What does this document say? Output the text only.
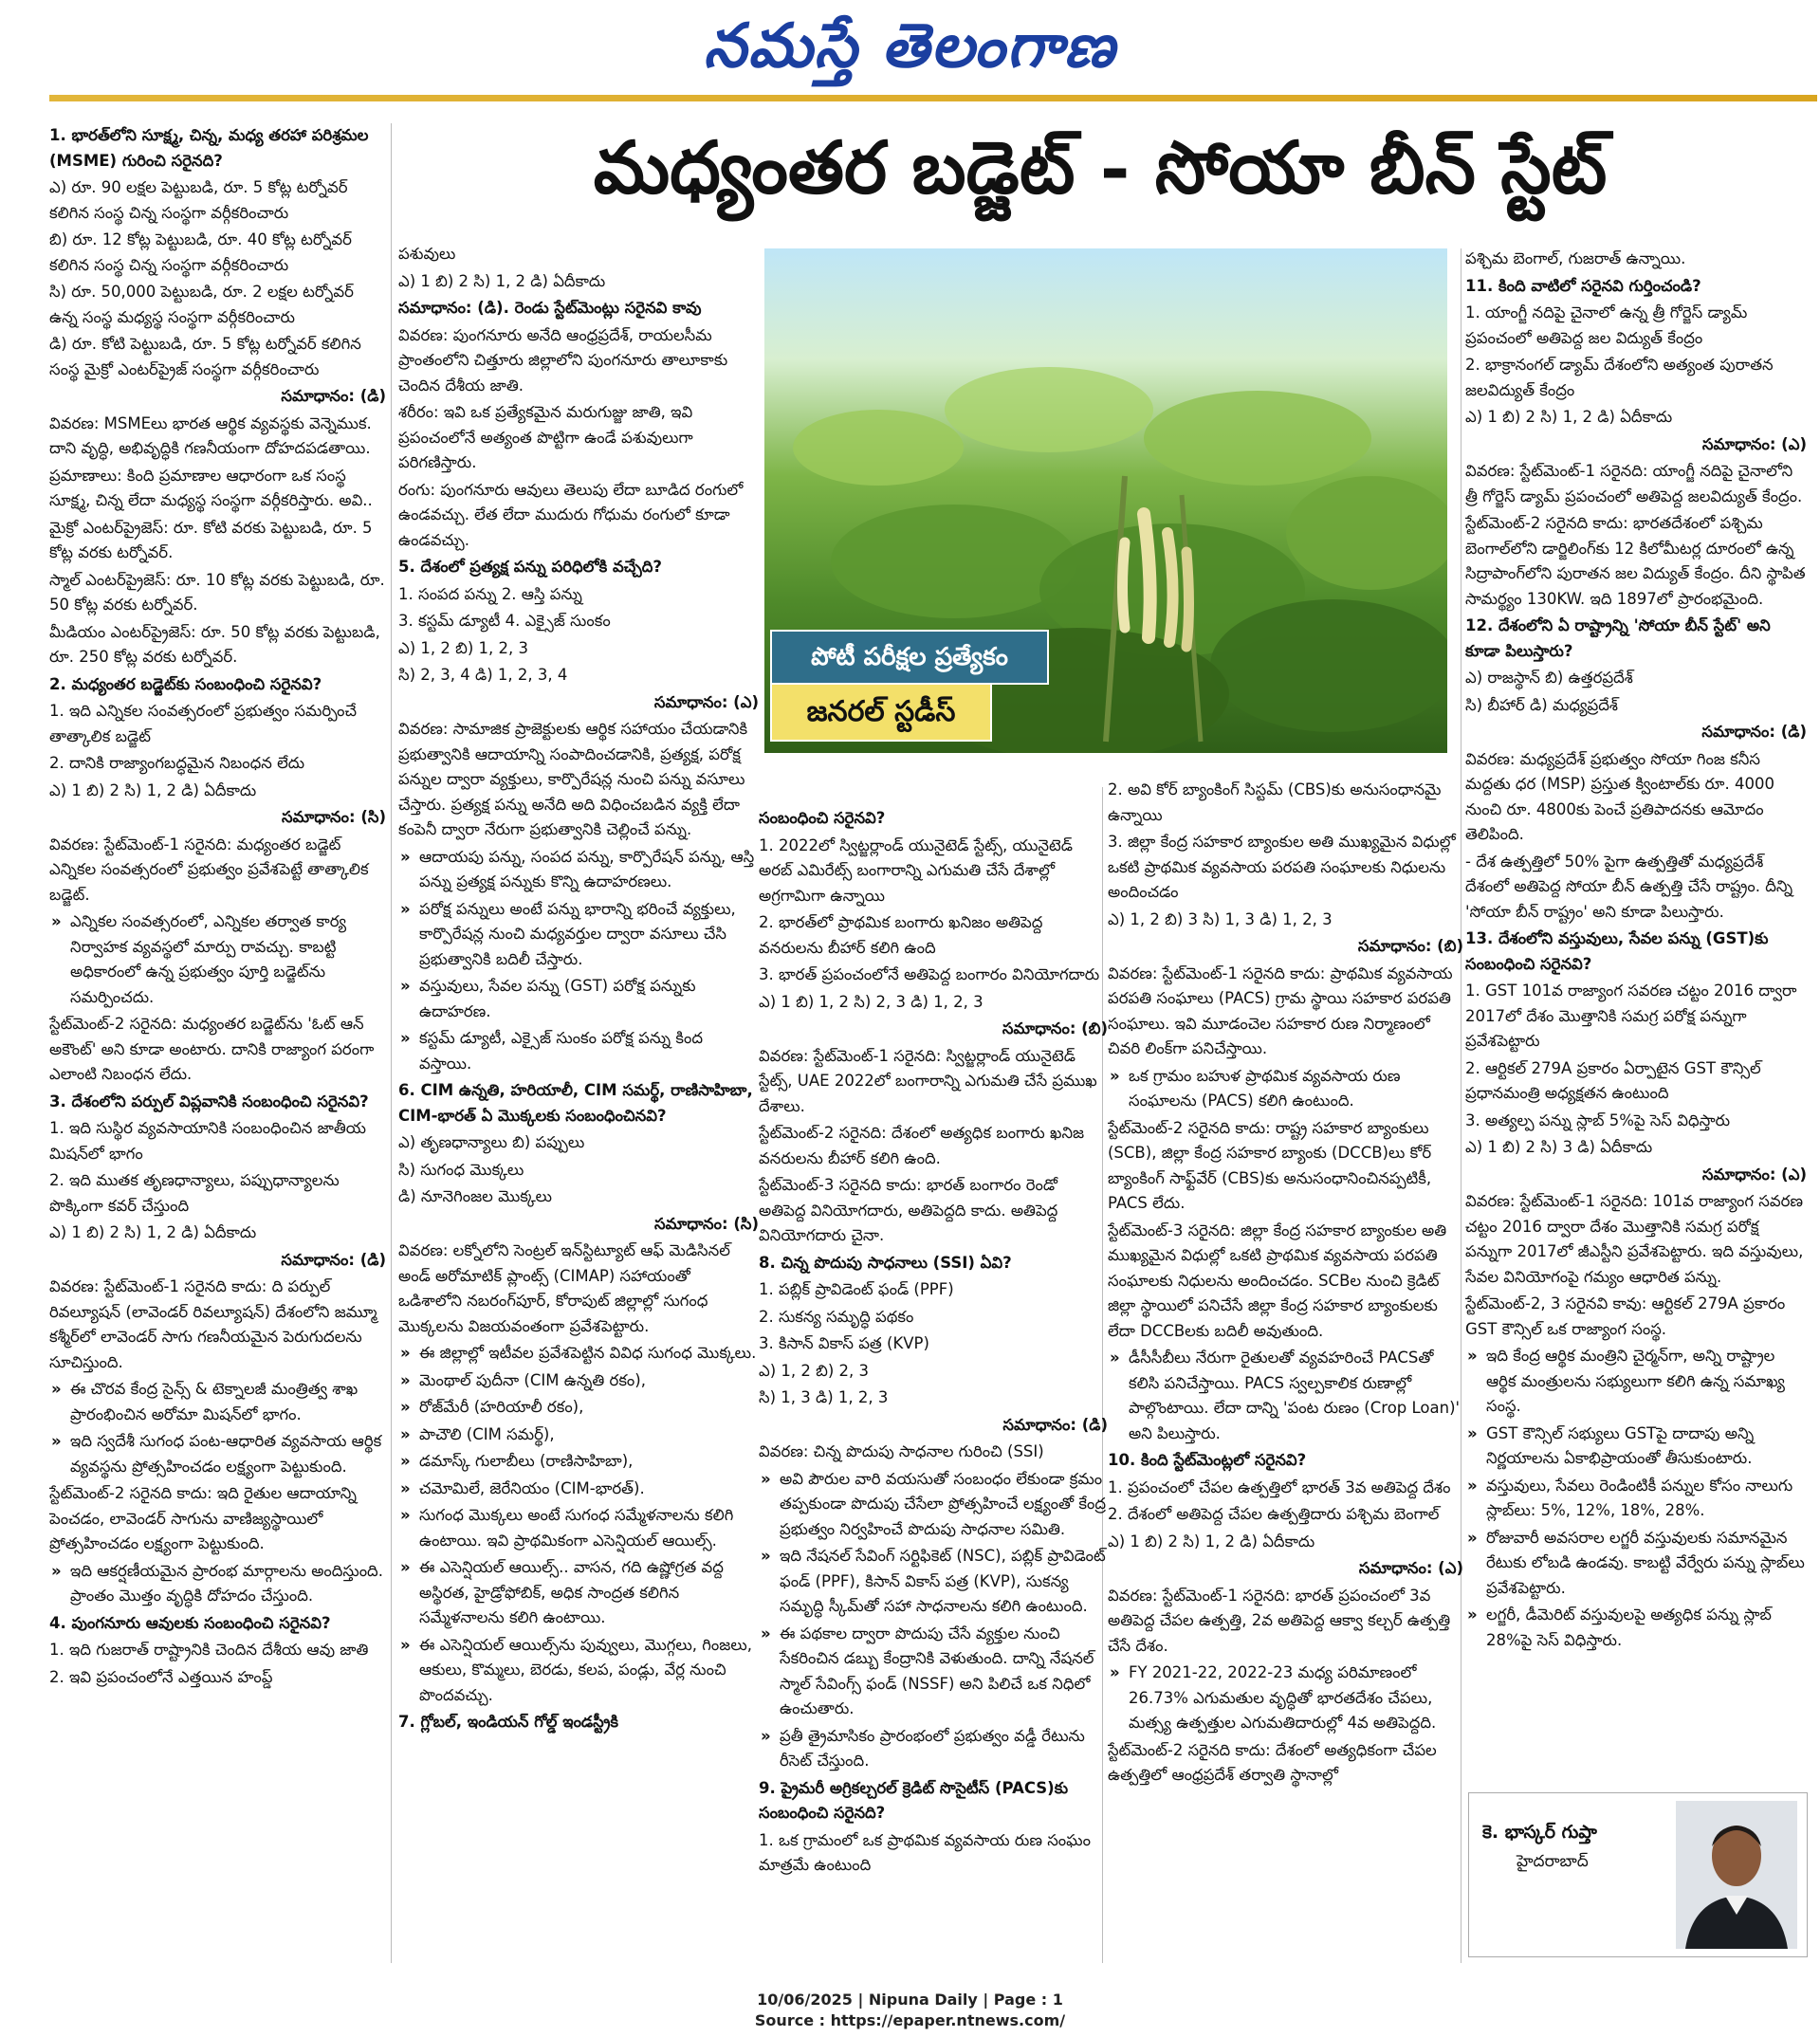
నమస్తే తెలంగాణ
మధ్యంతర బడ్జెట్ - సోయా బీన్ స్టేట్
పోటీ పరీక్షల ప్రత్యేకం
జనరల్ స్టడీస్

1. భారత్‌లోని సూక్ష్మ, చిన్న, మధ్య తరహా పరిశ్రమల (MSME) గురించి సరైనది?

ఎ) రూ. 90 లక్షల పెట్టుబడి, రూ. 5 కోట్ల టర్నోవర్ కలిగిన సంస్థ చిన్న సంస్థగా వర్గీకరించారు

బి) రూ. 12 కోట్ల పెట్టుబడి, రూ. 40 కోట్ల టర్నోవర్ కలిగిన సంస్థ చిన్న సంస్థగా వర్గీకరించారు

సి) రూ. 50,000 పెట్టుబడి, రూ. 2 లక్షల టర్నోవర్ ఉన్న సంస్థ మధ్యస్థ సంస్థగా వర్గీకరించారు

డి) రూ. కోటి పెట్టుబడి, రూ. 5 కోట్ల టర్నోవర్ కలిగిన సంస్థ మైక్రో ఎంటర్‌ప్రైజ్ సంస్థగా వర్గీకరించారు

సమాధానం: (డి)

వివరణ: MSMEలు భారత ఆర్థిక వ్యవస్థకు వెన్నెముక. దాని వృద్ధి, అభివృద్ధికి గణనీయంగా దోహదపడతాయి.

ప్రమాణాలు: కింది ప్రమాణాల ఆధారంగా ఒక సంస్థ సూక్ష్మ, చిన్న లేదా మధ్యస్థ సంస్థగా వర్గీకరిస్తారు. అవి..

మైక్రో ఎంటర్‌ప్రైజెస్: రూ. కోటి వరకు పెట్టుబడి, రూ. 5 కోట్ల వరకు టర్నోవర్.

స్మాల్ ఎంటర్‌ప్రైజెస్: రూ. 10 కోట్ల వరకు పెట్టుబడి, రూ. 50 కోట్ల వరకు టర్నోవర్.

మీడియం ఎంటర్‌ప్రైజెస్: రూ. 50 కోట్ల వరకు పెట్టుబడి, రూ. 250 కోట్ల వరకు టర్నోవర్.

2. మధ్యంతర బడ్జెట్‌కు సంబంధించి సరైనవి?

1. ఇది ఎన్నికల సంవత్సరంలో ప్రభుత్వం సమర్పించే తాత్కాలిక బడ్జెట్

2. దానికి రాజ్యాంగబద్ధమైన నిబంధన లేదు

ఎ) 1 బి) 2 సి) 1, 2 డి) ఏదీకాదు

సమాధానం: (సి)

వివరణ: స్టేట్‌మెంట్-1 సరైనది: మధ్యంతర బడ్జెట్ ఎన్నికల సంవత్సరంలో ప్రభుత్వం ప్రవేశపెట్టే తాత్కాలిక బడ్జెట్.

» ఎన్నికల సంవత్సరంలో, ఎన్నికల తర్వాత కార్య నిర్వాహక వ్యవస్థలో మార్పు రావచ్చు. కాబట్టి అధికారంలో ఉన్న ప్రభుత్వం పూర్తి బడ్జెట్‌ను సమర్పించదు.

స్టేట్‌మెంట్-2 సరైనది: మధ్యంతర బడ్జెట్‌ను 'ఓట్ ఆన్ అకౌంట్' అని కూడా అంటారు. దానికి రాజ్యాంగ పరంగా ఎలాంటి నిబంధన లేదు.

3. దేశంలోని పర్పుల్ విప్లవానికి సంబంధించి సరైనవి?

1. ఇది సుస్థిర వ్యవసాయానికి సంబంధించిన జాతీయ మిషన్‌లో భాగం

2. ఇది ముతక తృణధాన్యాలు, పప్పుధాన్యాలను పొక్కింగా కవర్ చేస్తుంది

ఎ) 1 బి) 2 సి) 1, 2 డి) ఏదీకాదు

సమాధానం: (డి)

వివరణ: స్టేట్‌మెంట్-1 సరైనది కాదు: ది పర్పుల్ రివల్యూషన్ (లావెండర్ రివల్యూషన్) దేశంలోని జమ్మూ కశ్మీర్‌లో లావెండర్ సాగు గణనీయమైన పెరుగుదలను సూచిస్తుంది.

» ఈ చొరవ కేంద్ర సైన్స్ & టెక్నాలజీ మంత్రిత్వ శాఖ ప్రారంభించిన అరోమా మిషన్‌లో భాగం.

» ఇది స్వదేశీ సుగంధ పంట-ఆధారిత వ్యవసాయ ఆర్థిక వ్యవస్థను ప్రోత్సహించడం లక్ష్యంగా పెట్టుకుంది.

స్టేట్‌మెంట్-2 సరైనది కాదు: ఇది రైతుల ఆదాయాన్ని పెంచడం, లావెండర్ సాగును వాణిజ్యస్థాయిలో ప్రోత్సహించడం లక్ష్యంగా పెట్టుకుంది.

» ఇది ఆకర్షణీయమైన ప్రారంభ మార్గాలను అందిస్తుంది. ప్రాంతం మొత్తం వృద్ధికి దోహదం చేస్తుంది.

4. పుంగనూరు ఆవులకు సంబంధించి సరైనవి?

1. ఇది గుజరాత్ రాష్ట్రానికి చెందిన దేశీయ ఆవు జాతి

2. ఇవి ప్రపంచంలోనే ఎత్తయిన హంప్డ్

పశువులు

ఎ) 1 బి) 2 సి) 1, 2 డి) ఏదీకాదు

సమాధానం: (డి). రెండు స్టేట్‌మెంట్లు సరైనవి కావు

వివరణ: పుంగనూరు అనేది ఆంధ్రప్రదేశ్, రాయలసీమ ప్రాంతంలోని చిత్తూరు జిల్లాలోని పుంగనూరు తాలూకాకు చెందిన దేశీయ జాతి.

శరీరం: ఇవి ఒక ప్రత్యేకమైన మరుగుజ్జు జాతి, ఇవి ప్రపంచంలోనే అత్యంత పొట్టిగా ఉండే పశువులుగా పరిగణిస్తారు.

రంగు: పుంగనూరు ఆవులు తెలుపు లేదా బూడిద రంగులో ఉండవచ్చు. లేత లేదా ముదురు గోధుమ రంగులో కూడా ఉండవచ్చు.

5. దేశంలో ప్రత్యక్ష పన్ను పరిధిలోకి వచ్చేది?

1. సంపద పన్ను 2. ఆస్తి పన్ను

3. కస్టమ్ డ్యూటీ 4. ఎక్సైజ్ సుంకం

ఎ) 1, 2 బి) 1, 2, 3

సి) 2, 3, 4 డి) 1, 2, 3, 4

సమాధానం: (ఎ)

వివరణ: సామాజిక ప్రాజెక్టులకు ఆర్థిక సహాయం చేయడానికి ప్రభుత్వానికి ఆదాయాన్ని సంపాదించడానికి, ప్రత్యక్ష, పరోక్ష పన్నుల ద్వారా వ్యక్తులు, కార్పొరేషన్ల నుంచి పన్ను వసూలు చేస్తారు. ప్రత్యక్ష పన్ను అనేది అది విధించబడిన వ్యక్తి లేదా కంపెనీ ద్వారా నేరుగా ప్రభుత్వానికి చెల్లించే పన్ను.

» ఆదాయపు పన్ను, సంపద పన్ను, కార్పొరేషన్ పన్ను, ఆస్తి పన్ను ప్రత్యక్ష పన్నుకు కొన్ని ఉదాహరణలు.

» పరోక్ష పన్నులు అంటే పన్ను భారాన్ని భరించే వ్యక్తులు, కార్పొరేషన్ల నుంచి మధ్యవర్తుల ద్వారా వసూలు చేసి ప్రభుత్వానికి బదిలీ చేస్తారు.

» వస్తువులు, సేవల పన్ను (GST) పరోక్ష పన్నుకు ఉదాహరణ.

» కస్టమ్ డ్యూటీ, ఎక్సైజ్ సుంకం పరోక్ష పన్ను కింద వస్తాయి.

6. CIM ఉన్నతి, హరియాలీ, CIM సమర్థ్, రాణిసాహిబా, CIM-భారత్ ఏ మొక్కలకు సంబంధించినవి?

ఎ) తృణధాన్యాలు బి) పప్పులు

సి) సుగంధ మొక్కలు

డి) నూనెగింజల మొక్కలు

సమాధానం: (సి)

వివరణ: లక్నోలోని సెంట్రల్ ఇన్‌స్టిట్యూట్ ఆఫ్ మెడిసినల్ అండ్ అరోమాటిక్ ప్లాంట్స్ (CIMAP) సహాయంతో ఒడిశాలోని నబరంగ్‌పూర్, కోరాపుట్ జిల్లాల్లో సుగంధ మొక్కలను విజయవంతంగా ప్రవేశపెట్టారు.

» ఈ జిల్లాల్లో ఇటీవల ప్రవేశపెట్టిన వివిధ సుగంధ మొక్కలు.

» మెంథాల్ పుదీనా (CIM ఉన్నతి రకం),

» రోజ్‌మేరీ (హరియాలీ రకం),

» పాచౌలి (CIM సమర్థ్),

» డమాస్క్ గులాబీలు (రాణిసాహిబా),

» చమోమిలే, జెరేనియం (CIM-భారత్).

» సుగంధ మొక్కలు అంటే సుగంధ సమ్మేళనాలను కలిగి ఉంటాయి. ఇవి ప్రాథమికంగా ఎసెన్షియల్ ఆయిల్స్.

» ఈ ఎసెన్షియల్ ఆయిల్స్.. వాసన, గది ఉష్ణోగ్రత వద్ద అస్థిరత, హైడ్రోఫోబిక్, అధిక సాంద్రత కలిగిన సమ్మేళనాలను కలిగి ఉంటాయి.

» ఈ ఎసెన్షియల్ ఆయిల్స్‌ను పువ్వులు, మొగ్గలు, గింజలు, ఆకులు, కొమ్మలు, బెరడు, కలప, పండ్లు, వేర్ల నుంచి పొందవచ్చు.

7. గ్లోబల్, ఇండియన్ గోల్డ్ ఇండస్ట్రీకి

సంబంధించి సరైనవి?

1. 2022లో స్విట్జర్లాండ్ యునైటెడ్ స్టేట్స్, యునైటెడ్ అరబ్ ఎమిరేట్స్ బంగారాన్ని ఎగుమతి చేసే దేశాల్లో అగ్రగామిగా ఉన్నాయి

2. భారత్‌లో ప్రాథమిక బంగారు ఖనిజం అతిపెద్ద వనరులను బీహార్ కలిగి ఉంది

3. భారత్ ప్రపంచంలోనే అతిపెద్ద బంగారం వినియోగదారు

ఎ) 1 బి) 1, 2 సి) 2, 3 డి) 1, 2, 3

సమాధానం: (బి)

వివరణ: స్టేట్‌మెంట్-1 సరైనది: స్విట్జర్లాండ్ యునైటెడ్ స్టేట్స్, UAE 2022లో బంగారాన్ని ఎగుమతి చేసే ప్రముఖ దేశాలు.

స్టేట్‌మెంట్-2 సరైనది: దేశంలో అత్యధిక బంగారు ఖనిజ వనరులను బీహార్ కలిగి ఉంది.

స్టేట్‌మెంట్-3 సరైనది కాదు: భారత్ బంగారం రెండో అతిపెద్ద వినియోగదారు, అతిపెద్దది కాదు. అతిపెద్ద వినియోగదారు చైనా.

8. చిన్న పొదుపు సాధనాలు (SSI) ఏవి?

1. పబ్లిక్ ప్రావిడెంట్ ఫండ్ (PPF)

2. సుకన్య సమృద్ధి పథకం

3. కిసాన్ వికాస్ పత్ర (KVP)

ఎ) 1, 2 బి) 2, 3

సి) 1, 3 డి) 1, 2, 3

సమాధానం: (డి)

వివరణ: చిన్న పొదుపు సాధనాల గురించి (SSI)

» అవి పౌరుల వారి వయసుతో సంబంధం లేకుండా క్రమం తప్పకుండా పొదుపు చేసేలా ప్రోత్సహించే లక్ష్యంతో కేంద్ర ప్రభుత్వం నిర్వహించే పొదుపు సాధనాల సమితి.

» ఇది నేషనల్ సేవింగ్ సర్టిఫికెట్ (NSC), పబ్లిక్ ప్రావిడెంట్ ఫండ్ (PPF), కిసాన్ వికాస్ పత్ర (KVP), సుకన్య సమృద్ధి స్కీమ్‌తో సహా సాధనాలను కలిగి ఉంటుంది.

» ఈ పథకాల ద్వారా పొదుపు చేసే వ్యక్తుల నుంచి సేకరించిన డబ్బు కేంద్రానికి వెళుతుంది. దాన్ని నేషనల్ స్మాల్ సేవింగ్స్ ఫండ్ (NSSF) అని పిలిచే ఒక నిధిలో ఉంచుతారు.

» ప్రతీ త్రైమాసికం ప్రారంభంలో ప్రభుత్వం వడ్డీ రేటును రీసెట్ చేస్తుంది.

9. ప్రైమరీ అగ్రికల్చరల్ క్రెడిట్ సొసైటీస్ (PACS)కు సంబంధించి సరైనది?

1. ఒక గ్రామంలో ఒక ప్రాథమిక వ్యవసాయ రుణ సంఘం మాత్రమే ఉంటుంది

2. అవి కోర్ బ్యాంకింగ్ సిస్టమ్ (CBS)కు అనుసంధానమై ఉన్నాయి

3. జిల్లా కేంద్ర సహకార బ్యాంకుల అతి ముఖ్యమైన విధుల్లో ఒకటి ప్రాథమిక వ్యవసాయ పరపతి సంఘాలకు నిధులను అందించడం

ఎ) 1, 2 బి) 3 సి) 1, 3 డి) 1, 2, 3

సమాధానం: (బి)

వివరణ: స్టేట్‌మెంట్-1 సరైనది కాదు: ప్రాథమిక వ్యవసాయ పరపతి సంఘాలు (PACS) గ్రామ స్థాయి సహకార పరపతి సంఘాలు. ఇవి మూడంచెల సహకార రుణ నిర్మాణంలో చివరి లింక్‌గా పనిచేస్తాయి.

» ఒక గ్రామం బహుళ ప్రాథమిక వ్యవసాయ రుణ సంఘాలను (PACS) కలిగి ఉంటుంది.

స్టేట్‌మెంట్-2 సరైనది కాదు: రాష్ట్ర సహకార బ్యాంకులు (SCB), జిల్లా కేంద్ర సహకార బ్యాంకు (DCCB)లు కోర్ బ్యాంకింగ్ సాఫ్ట్‌వేర్ (CBS)కు అనుసంధానించినప్పటికీ, PACS లేదు.

స్టేట్‌మెంట్-3 సరైనది: జిల్లా కేంద్ర సహకార బ్యాంకుల అతి ముఖ్యమైన విధుల్లో ఒకటి ప్రాథమిక వ్యవసాయ పరపతి సంఘాలకు నిధులను అందించడం. SCBల నుంచి క్రెడిట్ జిల్లా స్థాయిలో పనిచేసే జిల్లా కేంద్ర సహకార బ్యాంకులకు లేదా DCCBలకు బదిలీ అవుతుంది.

» డీసీసీబీలు నేరుగా రైతులతో వ్యవహరించే PACSతో కలిసి పనిచేస్తాయి. PACS స్వల్పకాలిక రుణాల్లో పాల్గొంటాయి. లేదా దాన్ని 'పంట రుణం (Crop Loan)' అని పిలుస్తారు.

10. కింది స్టేట్‌మెంట్లలో సరైనవి?

1. ప్రపంచంలో చేపల ఉత్పత్తిలో భారత్ 3వ అతిపెద్ద దేశం

2. దేశంలో అతిపెద్ద చేపల ఉత్పత్తిదారు పశ్చిమ బెంగాల్

ఎ) 1 బి) 2 సి) 1, 2 డి) ఏదీకాదు

సమాధానం: (ఎ)

వివరణ: స్టేట్‌మెంట్-1 సరైనది: భారత్ ప్రపంచంలో 3వ అతిపెద్ద చేపల ఉత్పత్తి, 2వ అతిపెద్ద ఆక్వా కల్చర్ ఉత్పత్తి చేసే దేశం.

» FY 2021-22, 2022-23 మధ్య పరిమాణంలో 26.73% ఎగుమతుల వృద్ధితో భారతదేశం చేపలు, మత్స్య ఉత్పత్తుల ఎగుమతిదారుల్లో 4వ అతిపెద్దది.

స్టేట్‌మెంట్-2 సరైనది కాదు: దేశంలో అత్యధికంగా చేపల ఉత్పత్తిలో ఆంధ్రప్రదేశ్ తర్వాతి స్థానాల్లో

పశ్చిమ బెంగాల్, గుజరాత్ ఉన్నాయి.

11. కింది వాటిలో సరైనవి గుర్తించండి?

1. యాంగ్జీ నదిపై చైనాలో ఉన్న త్రీ గోర్జెస్ డ్యామ్ ప్రపంచంలో అతిపెద్ద జల విద్యుత్ కేంద్రం

2. భాక్రానంగల్ డ్యామ్ దేశంలోని అత్యంత పురాతన జలవిద్యుత్ కేంద్రం

ఎ) 1 బి) 2 సి) 1, 2 డి) ఏదీకాదు

సమాధానం: (ఎ)

వివరణ: స్టేట్‌మెంట్-1 సరైనది: యాంగ్జీ నదిపై చైనాలోని త్రీ గోర్జెస్ డ్యామ్ ప్రపంచంలో అతిపెద్ద జలవిద్యుత్ కేంద్రం.

స్టేట్‌మెంట్-2 సరైనది కాదు: భారతదేశంలో పశ్చిమ బెంగాల్‌లోని డార్జిలింగ్‌కు 12 కిలోమీటర్ల దూరంలో ఉన్న సిద్రాపాంగ్‌లోని పురాతన జల విద్యుత్ కేంద్రం. దీని స్థాపిత సామర్థ్యం 130KW. ఇది 1897లో ప్రారంభమైంది.

12. దేశంలోని ఏ రాష్ట్రాన్ని 'సోయా బీన్ స్టేట్' అని కూడా పిలుస్తారు?

ఎ) రాజస్థాన్ బి) ఉత్తరప్రదేశ్

సి) బీహార్ డి) మధ్యప్రదేశ్

సమాధానం: (డి)

వివరణ: మధ్యప్రదేశ్ ప్రభుత్వం సోయా గింజ కనీస మద్దతు ధర (MSP) ప్రస్తుత క్వింటాల్‌కు రూ. 4000 నుంచి రూ. 4800కు పెంచే ప్రతిపాదనకు ఆమోదం తెలిపింది.

- దేశ ఉత్పత్తిలో 50% పైగా ఉత్పత్తితో మధ్యప్రదేశ్ దేశంలో అతిపెద్ద సోయా బీన్ ఉత్పత్తి చేసే రాష్ట్రం. దీన్ని 'సోయా బీన్ రాష్ట్రం' అని కూడా పిలుస్తారు.

13. దేశంలోని వస్తువులు, సేవల పన్ను (GST)కు సంబంధించి సరైనవి?

1. GST 101వ రాజ్యాంగ సవరణ చట్టం 2016 ద్వారా 2017లో దేశం మొత్తానికి సమగ్ర పరోక్ష పన్నుగా ప్రవేశపెట్టారు

2. ఆర్టికల్ 279A ప్రకారం ఏర్పాటైన GST కౌన్సిల్ ప్రధానమంత్రి అధ్యక్షతన ఉంటుంది

3. అత్యల్ప పన్ను స్లాబ్ 5%పై సెస్ విధిస్తారు

ఎ) 1 బి) 2 సి) 3 డి) ఏదీకాదు

సమాధానం: (ఎ)

వివరణ: స్టేట్‌మెంట్-1 సరైనది: 101వ రాజ్యాంగ సవరణ చట్టం 2016 ద్వారా దేశం మొత్తానికి సమగ్ర పరోక్ష పన్నుగా 2017లో జీఎస్టీని ప్రవేశపెట్టారు. ఇది వస్తువులు, సేవల వినియోగంపై గమ్యం ఆధారిత పన్ను.

స్టేట్‌మెంట్-2, 3 సరైనవి కావు: ఆర్టికల్ 279A ప్రకారం GST కౌన్సిల్ ఒక రాజ్యాంగ సంస్థ.

» ఇది కేంద్ర ఆర్థిక మంత్రిని చైర్మన్‌గా, అన్ని రాష్ట్రాల ఆర్థిక మంత్రులను సభ్యులుగా కలిగి ఉన్న సమాఖ్య సంస్థ.

» GST కౌన్సిల్ సభ్యులు GSTపై దాదాపు అన్ని నిర్ణయాలను ఏకాభిప్రాయంతో తీసుకుంటారు.

» వస్తువులు, సేవలు రెండింటికీ పన్నుల కోసం నాలుగు స్లాబ్‌లు: 5%, 12%, 18%, 28%.

» రోజువారీ అవసరాల లగ్జరీ వస్తువులకు సమానమైన రేటుకు లోబడి ఉండవు. కాబట్టి వేర్వేరు పన్ను స్లాబ్‌లు ప్రవేశపెట్టారు.

» లగ్జరీ, డీమెరిట్ వస్తువులపై అత్యధిక పన్ను స్లాబ్ 28%పై సెస్ విధిస్తారు.

కె. భాస్కర్ గుప్తా
హైదరాబాద్
10/06/2025 | Nipuna Daily | Page : 1
Source : https://epaper.ntnews.com/
